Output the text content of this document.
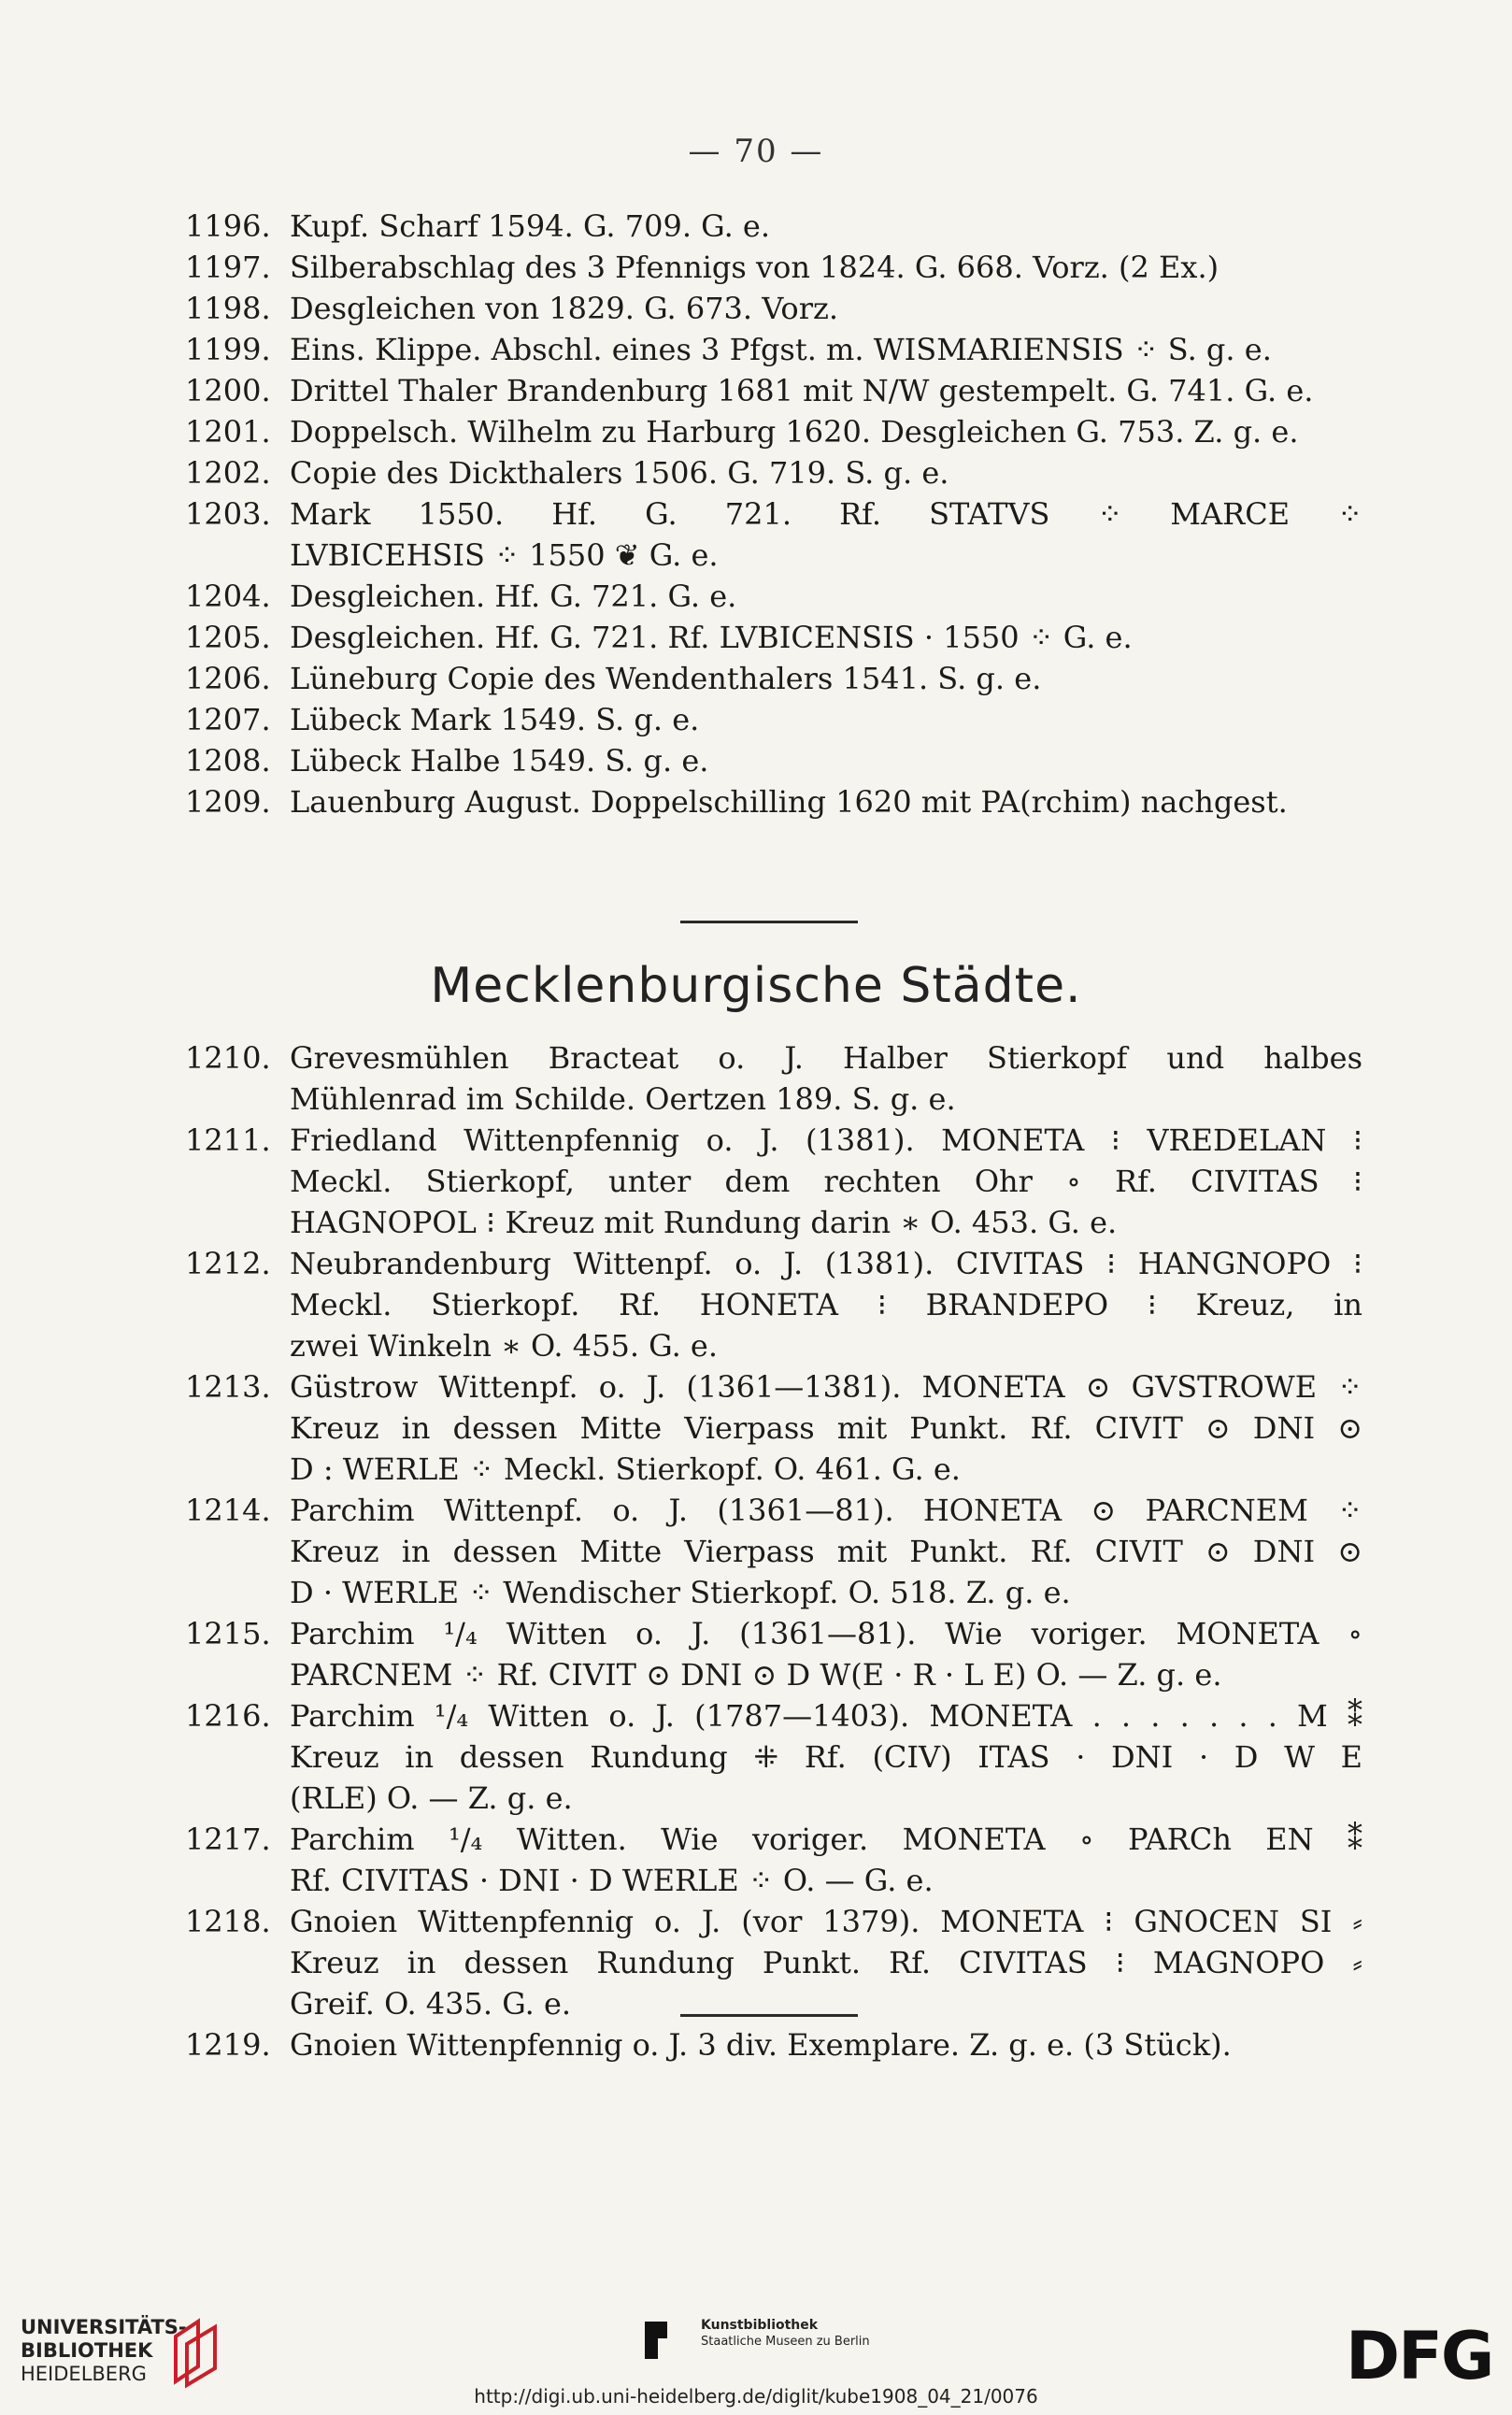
— 70 —
1196. Kupf. Scharf 1594. G. 709. G. e.

1197. Silberabschlag des 3 Pfennigs von 1824. G. 668. Vorz. (2 Ex.)

1198. Desgleichen von 1829. G. 673. Vorz.

1199. Eins. Klippe. Abschl. eines 3 Pfgst. m. WISMARIENSIS ⁘ S. g. e.

1200. Drittel Thaler Brandenburg 1681 mit N/W gestempelt. G. 741. G. e.

1201. Doppelsch. Wilhelm zu Harburg 1620. Desgleichen G. 753. Z. g. e.

1202. Copie des Dickthalers 1506. G. 719. S. g. e.

1203. Mark 1550. Hf. G. 721. Rf. STATVS ⁘ MARCE ⁘

LVBICEHSIS ⁘ 1550 ❦ G. e.

1204. Desgleichen. Hf. G. 721. G. e.

1205. Desgleichen. Hf. G. 721. Rf. LVBICENSIS · 1550 ⁘ G. e.

1206. Lüneburg Copie des Wendenthalers 1541. S. g. e.

1207. Lübeck Mark 1549. S. g. e.

1208. Lübeck Halbe 1549. S. g. e.

1209. Lauenburg August. Doppelschilling 1620 mit PA(rchim) nachgest.

Mecklenburgische Städte.
1210. Grevesmühlen Bracteat o. J. Halber Stierkopf und halbes

Mühlenrad im Schilde. Oertzen 189. S. g. e.

1211. Friedland Wittenpfennig o. J. (1381). MONETA ⁝ VREDELAN ⁝

Meckl. Stierkopf, unter dem rechten Ohr ∘ Rf. CIVITAS ⁝

HAGNOPOL ⁝ Kreuz mit Rundung darin ∗ O. 453. G. e.

1212. Neubrandenburg Wittenpf. o. J. (1381). CIVITAS ⁝ HANGNOPO ⁝

Meckl. Stierkopf. Rf. HONETA ⁝ BRANDEPO ⁝ Kreuz, in

zwei Winkeln ∗ O. 455. G. e.

1213. Güstrow Wittenpf. o. J. (1361—1381). MONETA ⊙ GVSTROWE ⁘

Kreuz in dessen Mitte Vierpass mit Punkt. Rf. CIVIT ⊙ DNI ⊙

D : WERLE ⁘ Meckl. Stierkopf. O. 461. G. e.

1214. Parchim Wittenpf. o. J. (1361—81). HONETA ⊙ PARCNEM ⁘

Kreuz in dessen Mitte Vierpass mit Punkt. Rf. CIVIT ⊙ DNI ⊙

D · WERLE ⁘ Wendischer Stierkopf. O. 518. Z. g. e.

1215. Parchim ¹/₄ Witten o. J. (1361—81). Wie voriger. MONETA ∘

PARCNEM ⁘ Rf. CIVIT ⊙ DNI ⊙ D W(E · R · L E) O. — Z. g. e.

1216. Parchim ¹/₄ Witten o. J. (1787—1403). MONETA . . . . . . . M ⁑

Kreuz in dessen Rundung ⁜ Rf. (CIV) ITAS · DNI · D W E

(RLE) O. — Z. g. e.

1217. Parchim ¹/₄ Witten. Wie voriger. MONETA ∘ PARCh EN ⁑

Rf. CIVITAS · DNI · D WERLE ⁘ O. — G. e.

1218. Gnoien Wittenpfennig o. J. (vor 1379). MONETA ⁝ GNOCEN SI ⸗

Kreuz in dessen Rundung Punkt. Rf. CIVITAS ⁝ MAGNOPO ⸗

Greif. O. 435. G. e.

1219. Gnoien Wittenpfennig o. J. 3 div. Exemplare. Z. g. e. (3 Stück).

UNIVERSITÄTS-
BIBLIOTHEK
HEIDELBERG
Kunstbibliothek
Staatliche Museen zu Berlin	DFG
http://digi.ub.uni-heidelberg.de/diglit/kube1908_04_21/0076
